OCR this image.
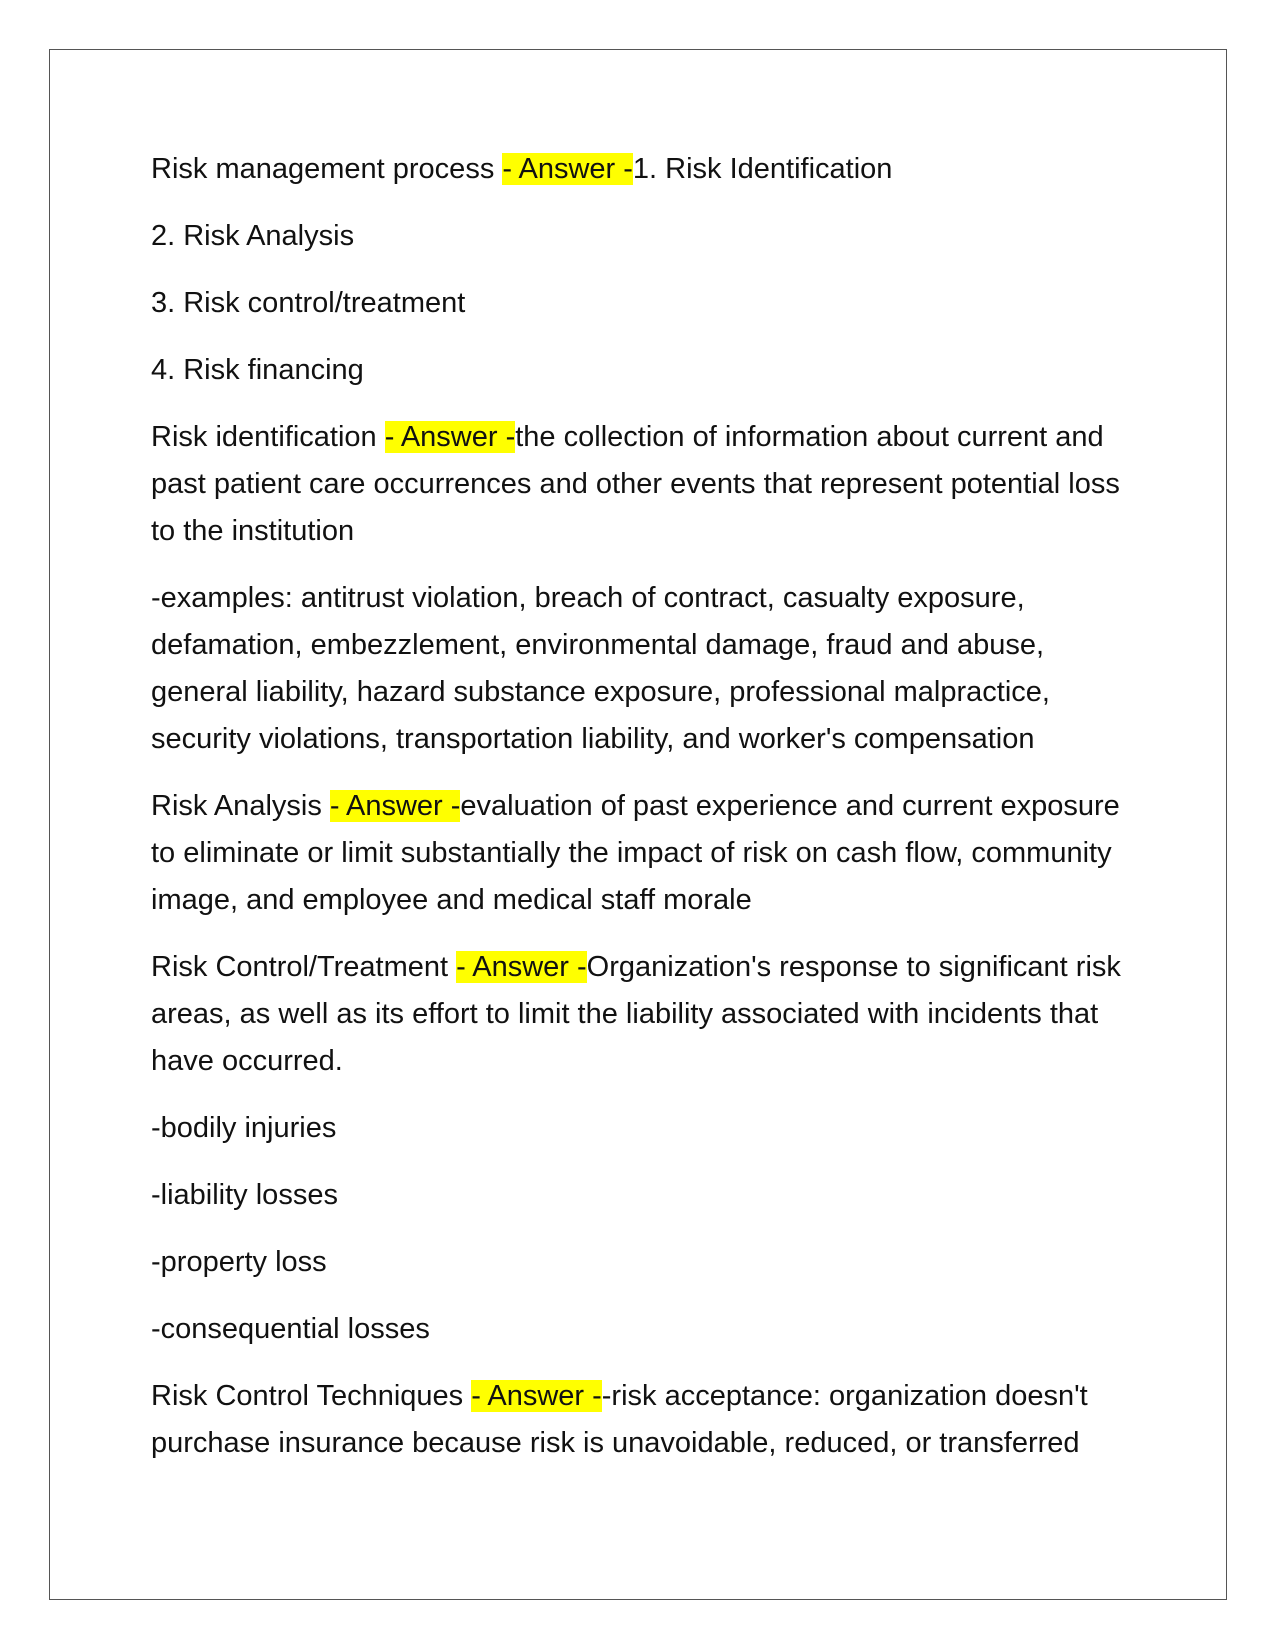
Risk management process - Answer -1. Risk Identification

2. Risk Analysis

3. Risk control/treatment

4. Risk financing

Risk identification - Answer -the collection of information about current and past patient care occurrences and other events that represent potential loss to the institution

-examples: antitrust violation, breach of contract, casualty exposure, defamation, embezzlement, environmental damage, fraud and abuse, general liability, hazard substance exposure, professional malpractice, security violations, transportation liability, and worker's compensation

Risk Analysis - Answer -evaluation of past experience and current exposure to eliminate or limit substantially the impact of risk on cash flow, community image, and employee and medical staff morale

Risk Control/Treatment - Answer -Organization's response to significant risk areas, as well as its effort to limit the liability associated with incidents that have occurred.

-bodily injuries

-liability losses

-property loss

-consequential losses

Risk Control Techniques - Answer --risk acceptance: organization doesn't purchase insurance because risk is unavoidable, reduced, or transferred
